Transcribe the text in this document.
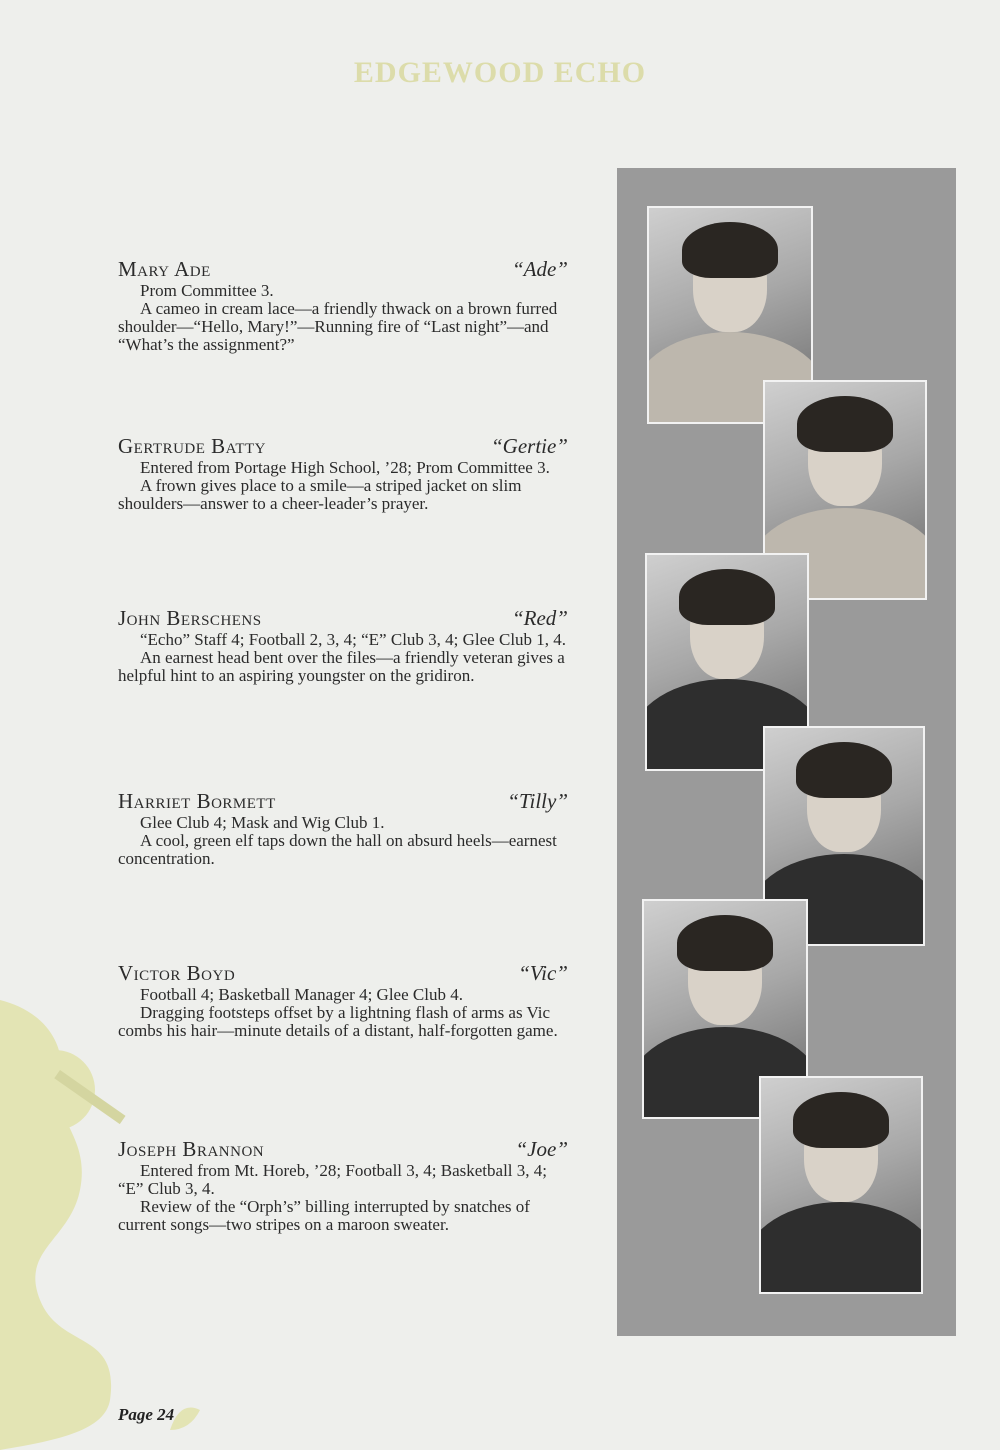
EDGEWOOD ECHO
Mary Ade	“Ade”
Prom Committee 3.
A cameo in cream lace—a friendly thwack on a brown furred shoulder—“Hello, Mary!”—Running fire of “Last night”—and “What’s the assignment?”
Gertrude Batty	“Gertie”
Entered from Portage High School, ’28; Prom Committee 3.
A frown gives place to a smile—a striped jacket on slim shoulders—answer to a cheer-leader’s prayer.
John Berschens	“Red”
“Echo” Staff 4; Football 2, 3, 4; “E” Club 3, 4; Glee Club 1, 4.
An earnest head bent over the files—a friendly veteran gives a helpful hint to an aspiring youngster on the gridiron.
Harriet Bormett	“Tilly”
Glee Club 4; Mask and Wig Club 1.
A cool, green elf taps down the hall on absurd heels—earnest concentration.
Victor Boyd	“Vic”
Football 4; Basketball Manager 4; Glee Club 4.
Dragging footsteps offset by a lightning flash of arms as Vic combs his hair—minute details of a distant, half-forgotten game.
Joseph Brannon	“Joe”
Entered from Mt. Horeb, ’28; Football 3, 4; Basketball 3, 4; “E” Club 3, 4.
Review of the “Orph’s” billing interrupted by snatches of current songs—two stripes on a maroon sweater.
Page 24
